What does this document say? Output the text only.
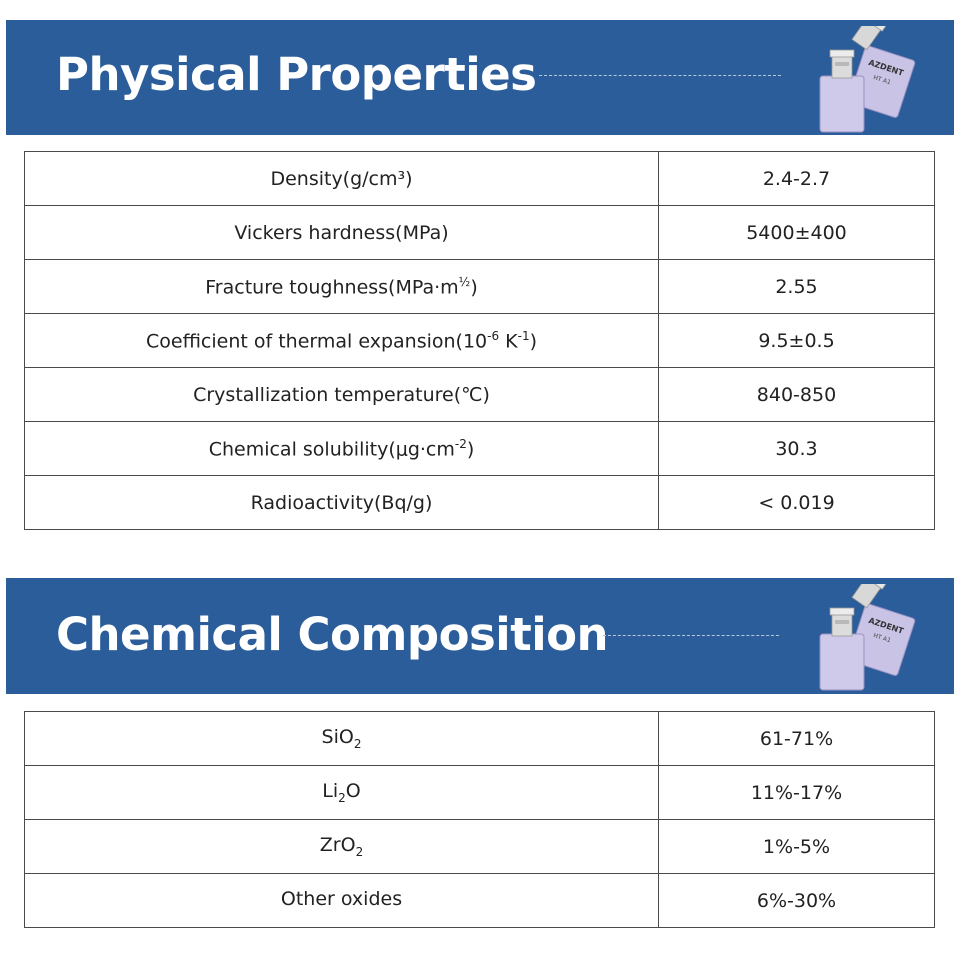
Physical Properties	AZDENT
HT A1
Density(g/cm³)	2.4-2.7
Vickers hardness(MPa)	5400±400
Fracture $toughness(MPa\cdot m^{\frac{1}{2}})$	2.55
Coefficient of thermal $expansion(10^{-6}$ $K^{-1}$)	9.5±0.5
Crystallization temperature(℃)	840-850
Chemical $solubility(\mu g\cdot cm^{-2})$	30.3
Radioactivity(Bq/g)	< 0.019
Chemical Composition	AZDENT
HT A1
SiO$_2$	61-71%
$Li_2O$	11%-17%
ZrO$_2$	1%-5%
Other oxides	6%-30%
